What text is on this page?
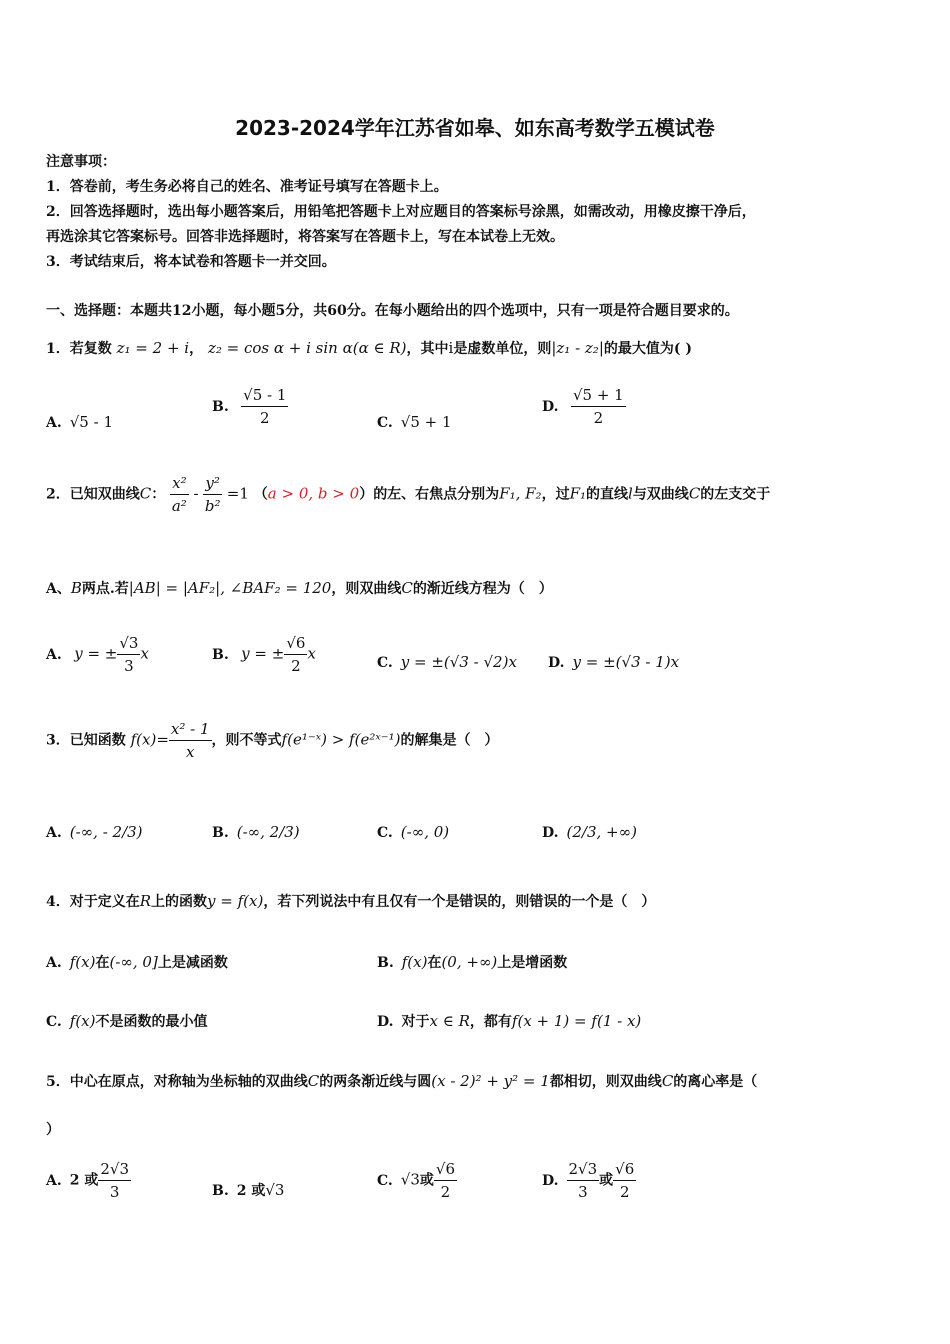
2023-2024学年江苏省如皋、如东高考数学五模试卷
注意事项：
1．答卷前，考生务必将自己的姓名、准考证号填写在答题卡上。
2．回答选择题时，选出每小题答案后，用铅笔把答题卡上对应题目的答案标号涂黑，如需改动，用橡皮擦干净后，
再选涂其它答案标号。回答非选择题时，将答案写在答题卡上，写在本试卷上无效。
3．考试结束后，将本试卷和答题卡一并交回。
一、选择题：本题共12小题，每小题5分，共60分。在每小题给出的四个选项中，只有一项是符合题目要求的。
1．若复数 z₁ = 2 + i， z₂ = cos α + i sin α(α ∈ R)，其中i是虚数单位，则|z₁ - z₂|的最大值为( )
A. √5 - 1
B. $\frac{√5 - 1}{2}$	C. √5 + 1
D. $\frac{√5 + 1}{2}$
2．已知双曲线C： $\frac{\text{x²}}{\text{a²}} - \frac{\text{y²}}{\text{b²}} =1$ （a > 0, b > 0）的左、右焦点分别为F₁, F₂，过F₁的直线l与双曲线C的左支交于
A、B两点.若|AB| = |AF₂|, ∠BAF₂ = 120，则双曲线C的渐近线方程为（　）
A. y = ± $\frac{√3}{3}$ x	B. y = ± $\frac{√6}{2}$ x
C. y = ±(√3 - √2)x D. y = ±(√3 - 1)x
3．已知函数 $f(x)= \frac{\text{x² - 1}}{x}$ ，则不等式f(e¹⁻ˣ) > f(e²ˣ⁻¹)的解集是（　）
A. (-∞, - 2/3)	B. (-∞, 2/3)	C. (-∞, 0)	D. (2/3, +∞)
4．对于定义在R上的函数y = f(x)，若下列说法中有且仅有一个是错误的，则错误的一个是（　）
A. f(x)在(-∞, 0]上是减函数	B. f(x)在(0, +∞)上是增函数
C. f(x)不是函数的最小值	D. 对于x ∈ R，都有f(x + 1) = f(1 - x)
5．中心在原点，对称轴为坐标轴的双曲线C的两条渐近线与圆(x - 2)² + y² = 1都相切，则双曲线C的离心率是（
）
A. 2 或 $\frac{2√3}{3}$	B. 2 或√3
C. √3或 $\frac{√6}{2}$	D. $\frac{2√3}{3}$ 或 $\frac{√6}{2}$
